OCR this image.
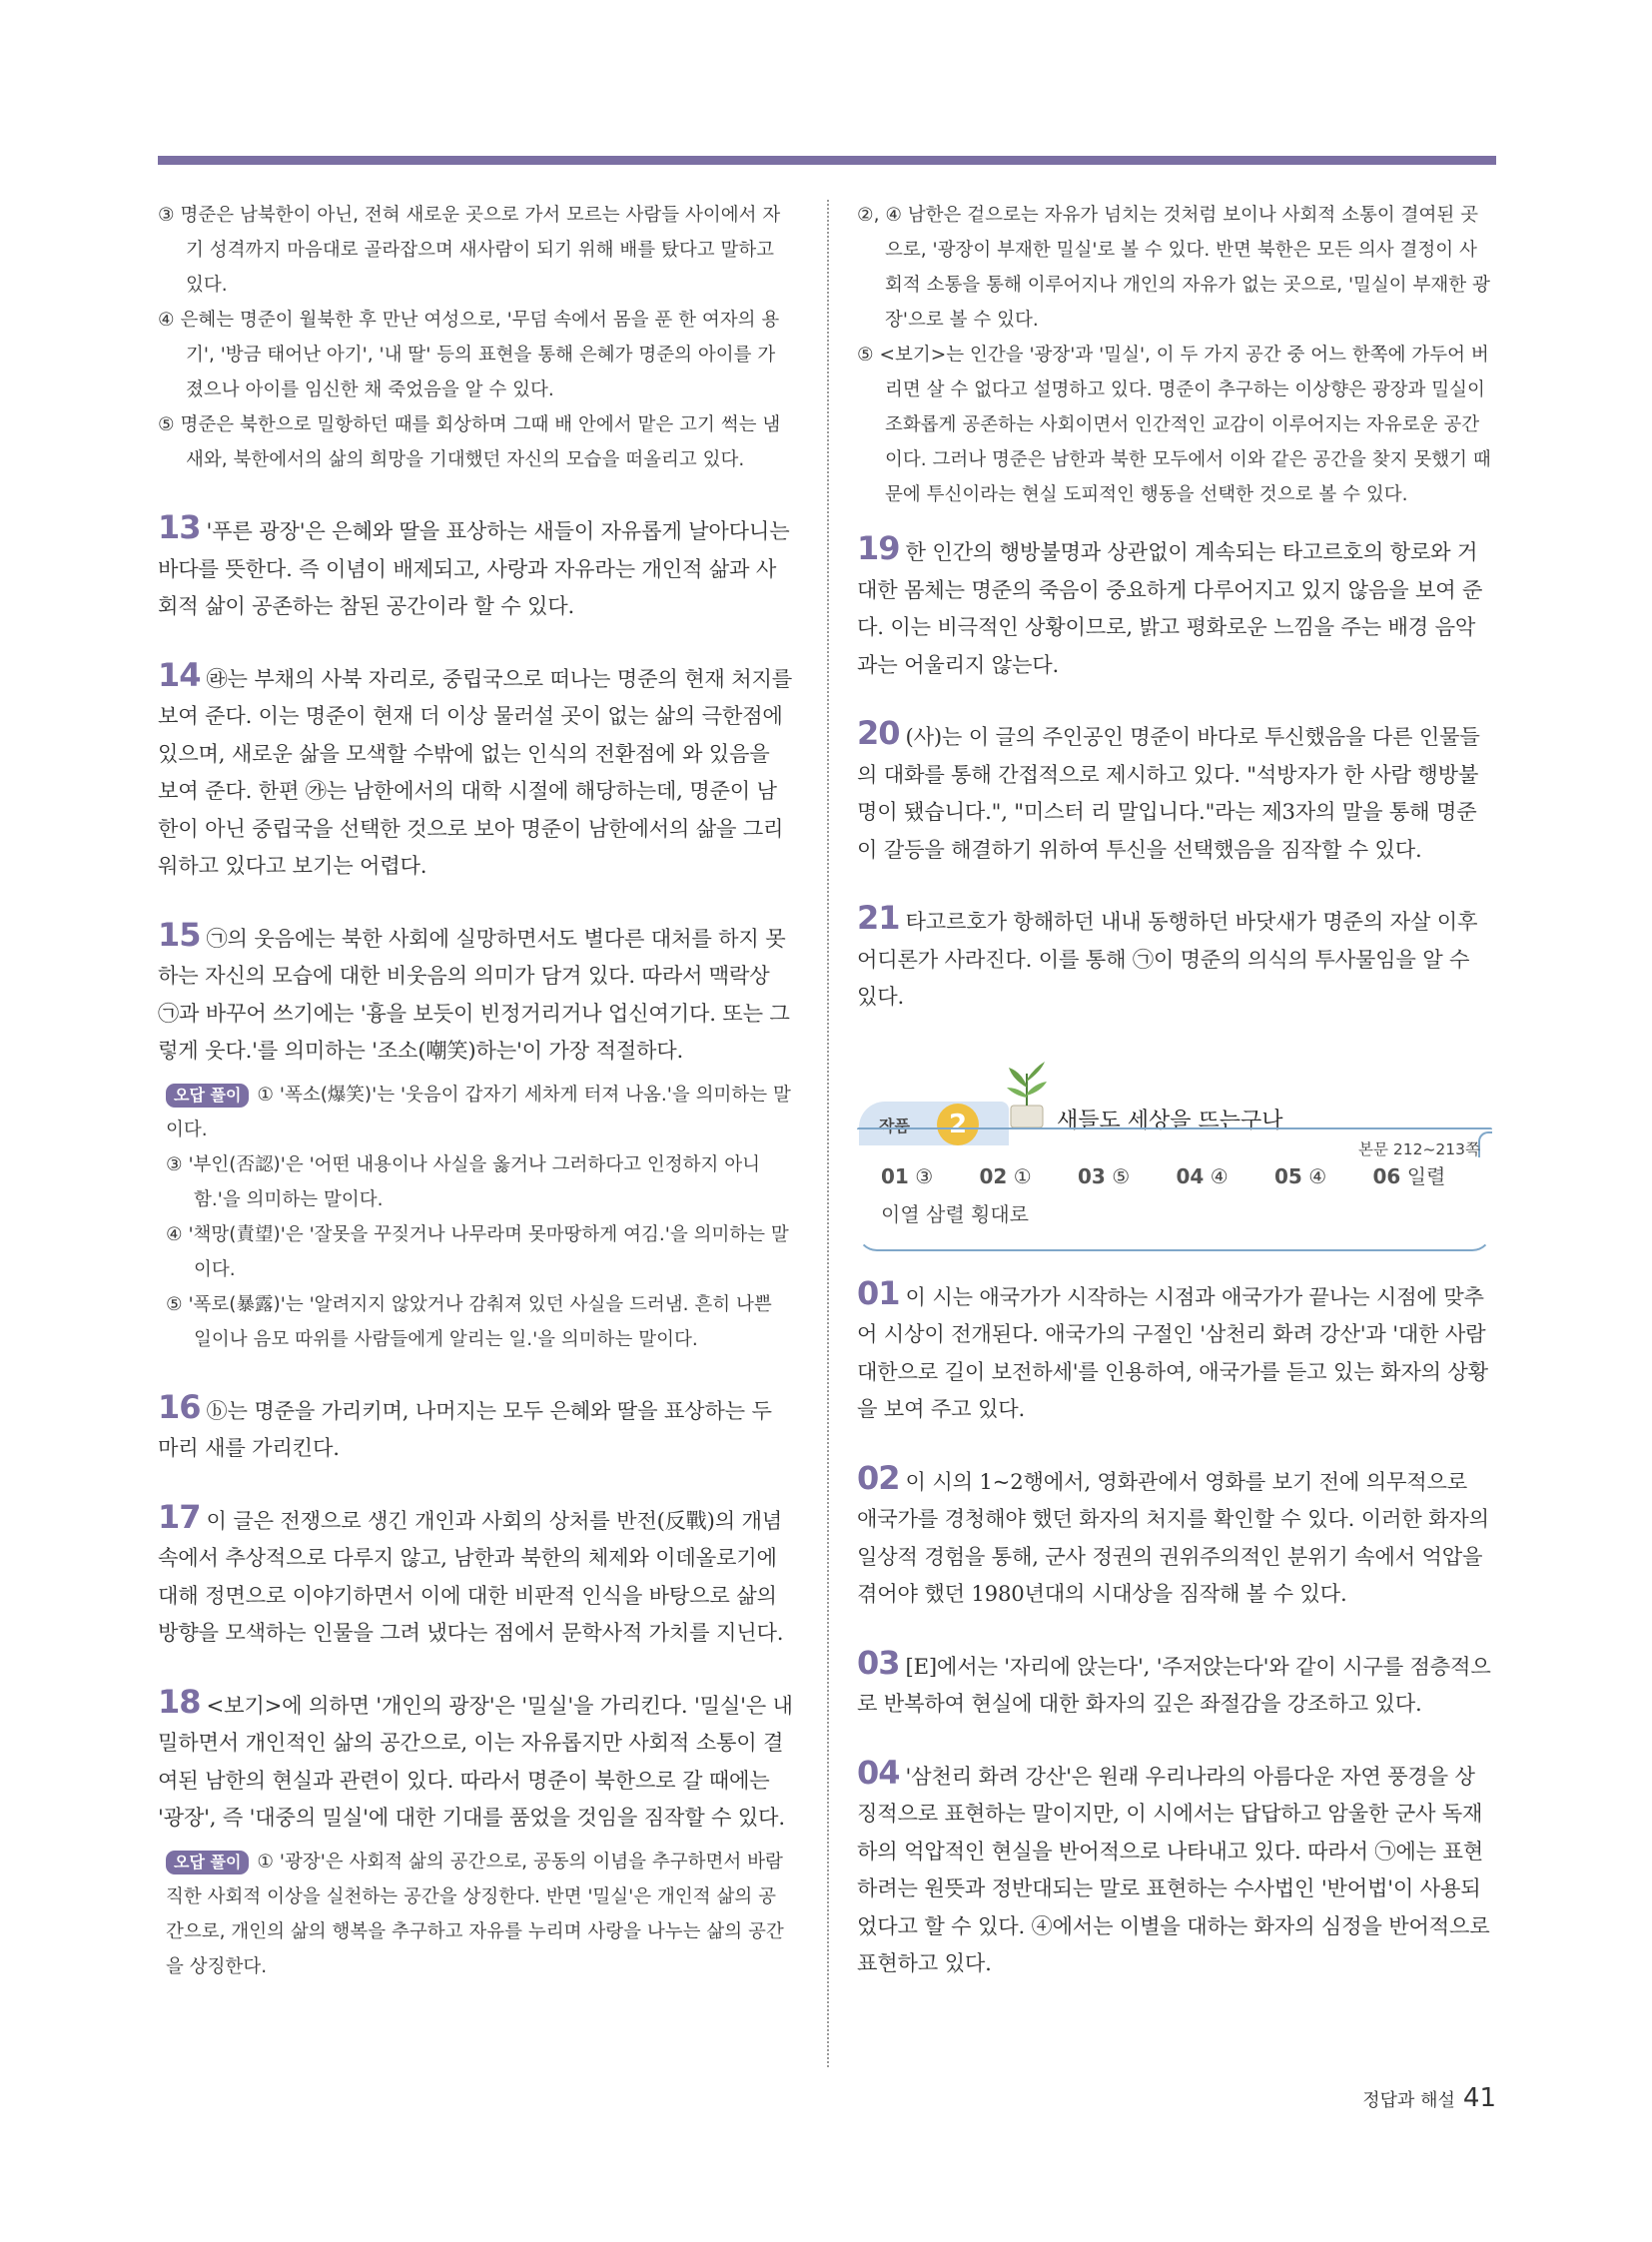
③ 명준은 남북한이 아닌, 전혀 새로운 곳으로 가서 모르는 사람들 사이에서 자기 성격까지 마음대로 골라잡으며 새사람이 되기 위해 배를 탔다고 말하고 있다.

④ 은혜는 명준이 월북한 후 만난 여성으로, '무덤 속에서 몸을 푼 한 여자의 용기', '방금 태어난 아기', '내 딸' 등의 표현을 통해 은혜가 명준의 아이를 가졌으나 아이를 임신한 채 죽었음을 알 수 있다.

⑤ 명준은 북한으로 밀항하던 때를 회상하며 그때 배 안에서 맡은 고기 썩는 냄새와, 북한에서의 삶의 희망을 기대했던 자신의 모습을 떠올리고 있다.

13 '푸른 광장'은 은혜와 딸을 표상하는 새들이 자유롭게 날아다니는 바다를 뜻한다. 즉 이념이 배제되고, 사랑과 자유라는 개인적 삶과 사회적 삶이 공존하는 참된 공간이라 할 수 있다.

14 ㉱는 부채의 사북 자리로, 중립국으로 떠나는 명준의 현재 처지를 보여 준다. 이는 명준이 현재 더 이상 물러설 곳이 없는 삶의 극한점에 있으며, 새로운 삶을 모색할 수밖에 없는 인식의 전환점에 와 있음을 보여 준다. 한편 ㉮는 남한에서의 대학 시절에 해당하는데, 명준이 남한이 아닌 중립국을 선택한 것으로 보아 명준이 남한에서의 삶을 그리워하고 있다고 보기는 어렵다.

15 ㉠의 웃음에는 북한 사회에 실망하면서도 별다른 대처를 하지 못하는 자신의 모습에 대한 비웃음의 의미가 담겨 있다. 따라서 맥락상 ㉠과 바꾸어 쓰기에는 '흉을 보듯이 빈정거리거나 업신여기다. 또는 그렇게 웃다.'를 의미하는 '조소(嘲笑)하는'이 가장 적절하다.

오답 풀이 ① '폭소(爆笑)'는 '웃음이 갑자기 세차게 터져 나옴.'을 의미하는 말이다.

③ '부인(否認)'은 '어떤 내용이나 사실을 옳거나 그러하다고 인정하지 아니함.'을 의미하는 말이다.

④ '책망(責望)'은 '잘못을 꾸짖거나 나무라며 못마땅하게 여김.'을 의미하는 말이다.

⑤ '폭로(暴露)'는 '알려지지 않았거나 감춰져 있던 사실을 드러냄. 흔히 나쁜 일이나 음모 따위를 사람들에게 알리는 일.'을 의미하는 말이다.

16 ⓑ는 명준을 가리키며, 나머지는 모두 은혜와 딸을 표상하는 두 마리 새를 가리킨다.

17 이 글은 전쟁으로 생긴 개인과 사회의 상처를 반전(反戰)의 개념 속에서 추상적으로 다루지 않고, 남한과 북한의 체제와 이데올로기에 대해 정면으로 이야기하면서 이에 대한 비판적 인식을 바탕으로 삶의 방향을 모색하는 인물을 그려 냈다는 점에서 문학사적 가치를 지닌다.

18 <보기>에 의하면 '개인의 광장'은 '밀실'을 가리킨다. '밀실'은 내밀하면서 개인적인 삶의 공간으로, 이는 자유롭지만 사회적 소통이 결여된 남한의 현실과 관련이 있다. 따라서 명준이 북한으로 갈 때에는 '광장', 즉 '대중의 밀실'에 대한 기대를 품었을 것임을 짐작할 수 있다.

오답 풀이 ① '광장'은 사회적 삶의 공간으로, 공동의 이념을 추구하면서 바람직한 사회적 이상을 실천하는 공간을 상징한다. 반면 '밀실'은 개인적 삶의 공간으로, 개인의 삶의 행복을 추구하고 자유를 누리며 사랑을 나누는 삶의 공간을 상징한다.

②, ④ 남한은 겉으로는 자유가 넘치는 것처럼 보이나 사회적 소통이 결여된 곳으로, '광장이 부재한 밀실'로 볼 수 있다. 반면 북한은 모든 의사 결정이 사회적 소통을 통해 이루어지나 개인의 자유가 없는 곳으로, '밀실이 부재한 광장'으로 볼 수 있다.

⑤ <보기>는 인간을 '광장'과 '밀실', 이 두 가지 공간 중 어느 한쪽에 가두어 버리면 살 수 없다고 설명하고 있다. 명준이 추구하는 이상향은 광장과 밀실이 조화롭게 공존하는 사회이면서 인간적인 교감이 이루어지는 자유로운 공간이다. 그러나 명준은 남한과 북한 모두에서 이와 같은 공간을 찾지 못했기 때문에 투신이라는 현실 도피적인 행동을 선택한 것으로 볼 수 있다.

19 한 인간의 행방불명과 상관없이 계속되는 타고르호의 항로와 거대한 몸체는 명준의 죽음이 중요하게 다루어지고 있지 않음을 보여 준다. 이는 비극적인 상황이므로, 밝고 평화로운 느낌을 주는 배경 음악과는 어울리지 않는다.

20 (사)는 이 글의 주인공인 명준이 바다로 투신했음을 다른 인물들의 대화를 통해 간접적으로 제시하고 있다. "석방자가 한 사람 행방불명이 됐습니다.", "미스터 리 말입니다."라는 제3자의 말을 통해 명준이 갈등을 해결하기 위하여 투신을 선택했음을 짐작할 수 있다.

21 타고르호가 항해하던 내내 동행하던 바닷새가 명준의 자살 이후 어디론가 사라진다. 이를 통해 ㉠이 명준의 의식의 투사물임을 알 수 있다.

작품	2	새들도 세상을 뜨는구나
본문 212~213쪽
01 ③ 02 ① 03 ⑤ 04 ④ 05 ④ 06 일렬 이열 삼렬 횡대로

01 이 시는 애국가가 시작하는 시점과 애국가가 끝나는 시점에 맞추어 시상이 전개된다. 애국가의 구절인 '삼천리 화려 강산'과 '대한 사람 대한으로 길이 보전하세'를 인용하여, 애국가를 듣고 있는 화자의 상황을 보여 주고 있다.

02 이 시의 1~2행에서, 영화관에서 영화를 보기 전에 의무적으로 애국가를 경청해야 했던 화자의 처지를 확인할 수 있다. 이러한 화자의 일상적 경험을 통해, 군사 정권의 권위주의적인 분위기 속에서 억압을 겪어야 했던 1980년대의 시대상을 짐작해 볼 수 있다.

03 [E]에서는 '자리에 앉는다', '주저앉는다'와 같이 시구를 점층적으로 반복하여 현실에 대한 화자의 깊은 좌절감을 강조하고 있다.

04 '삼천리 화려 강산'은 원래 우리나라의 아름다운 자연 풍경을 상징적으로 표현하는 말이지만, 이 시에서는 답답하고 암울한 군사 독재하의 억압적인 현실을 반어적으로 나타내고 있다. 따라서 ㉠에는 표현하려는 원뜻과 정반대되는 말로 표현하는 수사법인 '반어법'이 사용되었다고 할 수 있다. ④에서는 이별을 대하는 화자의 심정을 반어적으로 표현하고 있다.

정답과 해설 41
